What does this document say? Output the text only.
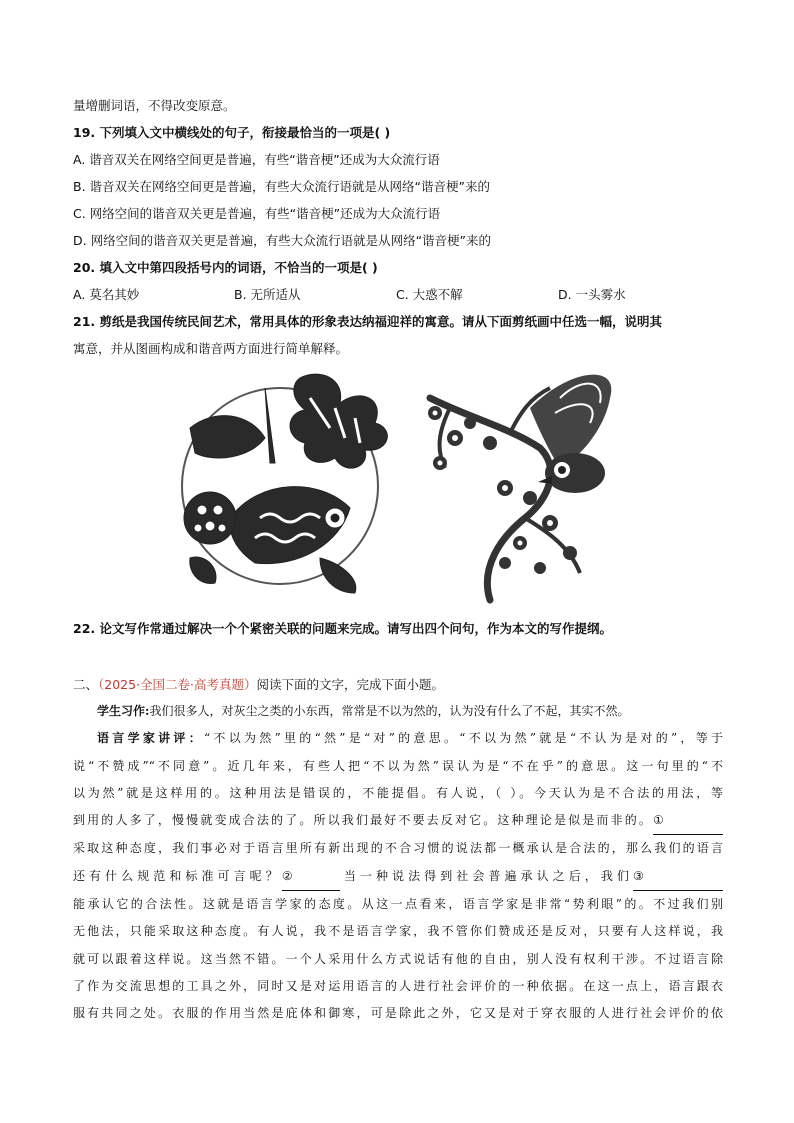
量增删词语，不得改变原意。
19. 下列填入文中横线处的句子，衔接最恰当的一项是( )
A. 谐音双关在网络空间更是普遍，有些“谐音梗”还成为大众流行语
B. 谐音双关在网络空间更是普遍，有些大众流行语就是从网络“谐音梗”来的
C. 网络空间的谐音双关更是普遍，有些“谐音梗”还成为大众流行语
D. 网络空间的谐音双关更是普遍，有些大众流行语就是从网络“谐音梗”来的
20. 填入文中第四段括号内的词语，不恰当的一项是( )
A. 莫名其妙	B. 无所适从	C. 大惑不解	D. 一头雾水
21. 剪纸是我国传统民间艺术，常用具体的形象表达纳福迎祥的寓意。请从下面剪纸画中任选一幅，说明其
寓意，并从图画构成和谐音两方面进行简单解释。
22. 论文写作常通过解决一个个紧密关联的问题来完成。请写出四个问句，作为本文的写作提纲。
二、（2025·全国二卷·高考真题）阅读下面的文字，完成下面小题。

学生习作:我们很多人，对灰尘之类的小东西，常常是不以为然的，认为没有什么了不起，其实不然。

语言学家讲评：“不以为然”里的“然”是“对”的意思。“不以为然”就是“不认为是对的”，等于

说“不赞成”“不同意”。近几年来，有些人把“不以为然”误认为是“不在乎”的意思。这一句里的“不

以为然”就是这样用的。这种用法是错误的，不能提倡。有人说，（ ）。今天认为是不合法的用法，等

到用的人多了，慢慢就变成合法的了。所以我们最好不要去反对它。这种理论是似是而非的。①

采取这种态度，我们事必对于语言里所有新出现的不合习惯的说法都一概承认是合法的，那么我们的语言

还有什么规范和标准可言呢？②	当一种说法得到社会普遍承认之后，我们③

能承认它的合法性。这就是语言学家的态度。从这一点看来，语言学家是非常“势利眼”的。不过我们别

无他法，只能采取这种态度。有人说，我不是语言学家，我不管你们赞成还是反对，只要有人这样说，我

就可以跟着这样说。这当然不错。一个人采用什么方式说话有他的自由，别人没有权利干涉。不过语言除

了作为交流思想的工具之外，同时又是对运用语言的人进行社会评价的一种依据。在这一点上，语言跟衣

服有共同之处。衣服的作用当然是庇体和御寒，可是除此之外，它又是对于穿衣服的人进行社会评价的依
